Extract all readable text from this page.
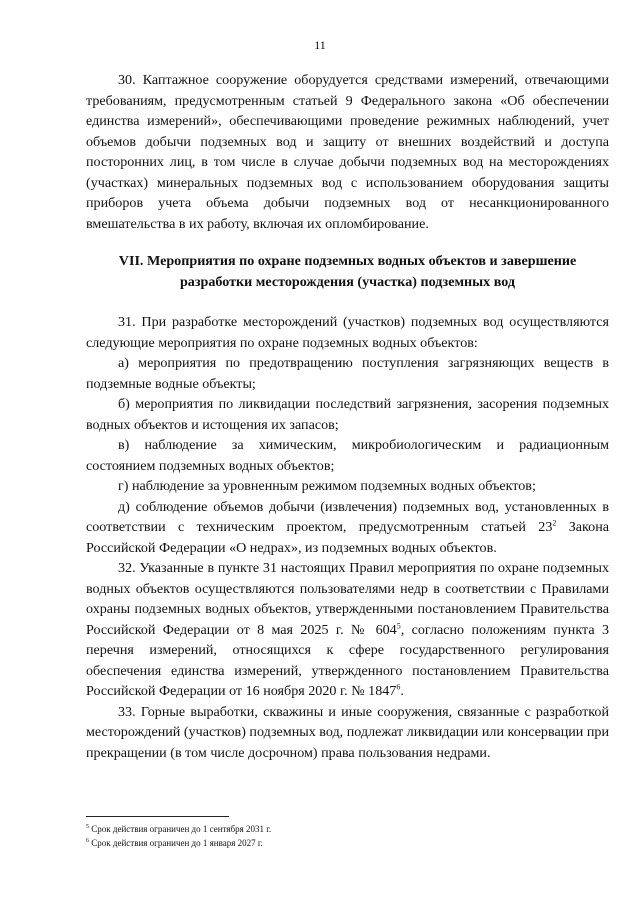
11

30. Каптажное сооружение оборудуется средствами измерений, отвечающими требованиям, предусмотренным статьей 9 Федерального закона «Об обеспечении единства измерений», обеспечивающими проведение режимных наблюдений, учет объемов добычи подземных вод и защиту от внешних воздействий и доступа посторонних лиц, в том числе в случае добычи подземных вод на месторождениях (участках) минеральных подземных вод с использованием оборудования защиты приборов учета объема добычи подземных вод от несанкционированного вмешательства в их работу, включая их опломбирование.

VII. Мероприятия по охране подземных водных объектов и завершение разработки месторождения (участка) подземных вод

31. При разработке месторождений (участков) подземных вод осуществляются следующие мероприятия по охране подземных водных объектов:

а) мероприятия по предотвращению поступления загрязняющих веществ в подземные водные объекты;

б) мероприятия по ликвидации последствий загрязнения, засорения подземных водных объектов и истощения их запасов;

в) наблюдение за химическим, микробиологическим и радиационным состоянием подземных водных объектов;

г) наблюдение за уровненным режимом подземных водных объектов;

д) соблюдение объемов добычи (извлечения) подземных вод, установленных в соответствии с техническим проектом, предусмотренным статьей $23^2$ Закона Российской Федерации «О недрах», из подземных водных объектов.

32. Указанные в пункте 31 настоящих Правил мероприятия по охране подземных водных объектов осуществляются пользователями недр в соответствии с Правилами охраны подземных водных объектов, утвержденными постановлением Правительства Российской Федерации от 8 мая 2025 г. № $604^5$, согласно положениям пункта 3 перечня измерений, относящихся к сфере государственного регулирования обеспечения единства измерений, утвержденного постановлением Правительства Российской Федерации от 16 ноября 2020 г. № 1847$^6$.

33. Горные выработки, скважины и иные сооружения, связанные с разработкой месторождений (участков) подземных вод, подлежат ликвидации или консервации при прекращении (в том числе досрочном) права пользования недрами.

$^5$ Срок действия ограничен до 1 сентября 2031 г.
$^6$ Срок действия ограничен до 1 января 2027 г.
